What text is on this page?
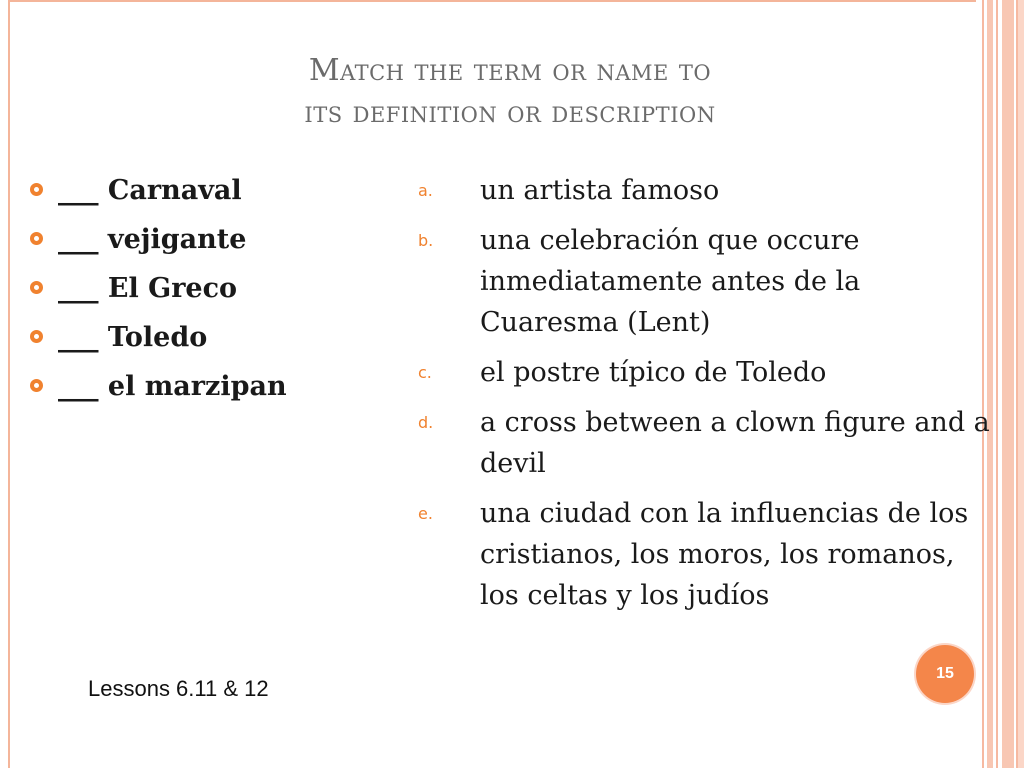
Match the term or name to
its definition or description
___ Carnaval
___ vejigante
___ El Greco
___ Toledo
___ el marzipan
a. un artista famoso
b. una celebración que occure inmediatamente antes de la Cuaresma (Lent)
c. el postre típico de Toledo
d. a cross between a clown figure and a devil
e. una ciudad con la influencias de los cristianos, los moros, los romanos, los celtas y los judíos
Lessons 6.11 & 12
15
